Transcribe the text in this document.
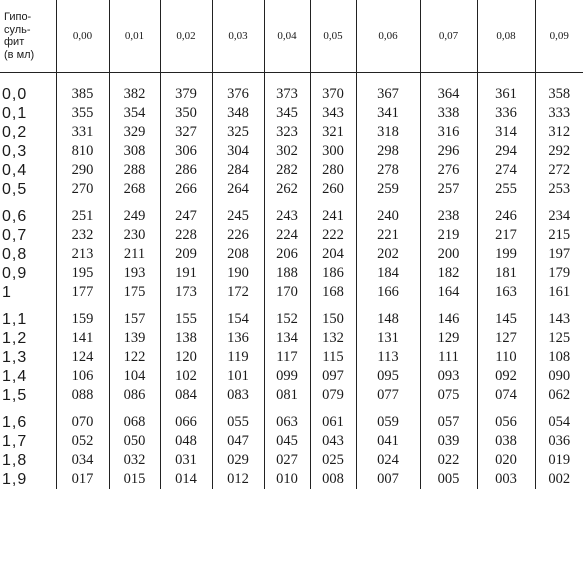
Гипо-
суль-
фит
(в мл)	0,00	0,01	0,02	0,03	0,04	0,05	0,06	0,07	0,08	0,09
0,0	385	382	379	376	373	370	367	364	361	358
0,1	355	354	350	348	345	343	341	338	336	333
0,2	331	329	327	325	323	321	318	316	314	312
0,3	810	308	306	304	302	300	298	296	294	292
0,4	290	288	286	284	282	280	278	276	274	272
0,5	270	268	266	264	262	260	259	257	255	253
0,6	251	249	247	245	243	241	240	238	246	234
0,7	232	230	228	226	224	222	221	219	217	215
0,8	213	211	209	208	206	204	202	200	199	197
0,9	195	193	191	190	188	186	184	182	181	179
1	177	175	173	172	170	168	166	164	163	161
1,1	159	157	155	154	152	150	148	146	145	143
1,2	141	139	138	136	134	132	131	129	127	125
1,3	124	122	120	119	117	115	113	111	110	108
1,4	106	104	102	101	099	097	095	093	092	090
1,5	088	086	084	083	081	079	077	075	074	062
1,6	070	068	066	055	063	061	059	057	056	054
1,7	052	050	048	047	045	043	041	039	038	036
1,8	034	032	031	029	027	025	024	022	020	019
1,9	017	015	014	012	010	008	007	005	003	002
